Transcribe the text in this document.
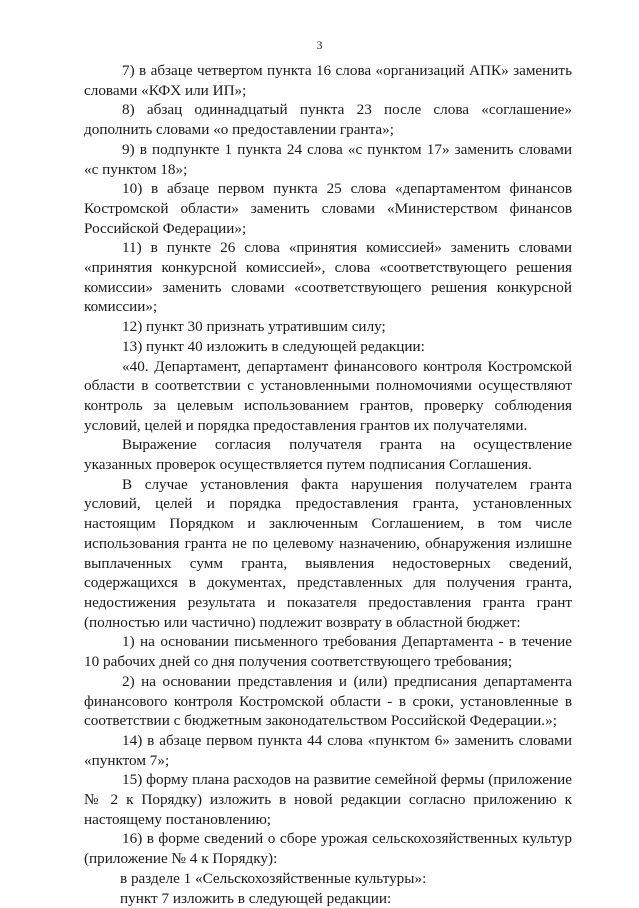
3

7) в абзаце четвертом пункта 16 слова «организаций АПК» заменить словами «КФХ или ИП»;

8) абзац одиннадцатый пункта 23 после слова «соглашение» дополнить словами «о предоставлении гранта»;

9) в подпункте 1 пункта 24 слова «с пунктом 17» заменить словами «с пунктом 18»;

10) в абзаце первом пункта 25 слова «департаментом финансов Костромской области» заменить словами «Министерством финансов Российской Федерации»;

11) в пункте 26 слова «принятия комиссией» заменить словами «принятия конкурсной комиссией», слова «соответствующего решения комиссии» заменить словами «соответствующего решения конкурсной комиссии»;

12) пункт 30 признать утратившим силу;

13) пункт 40 изложить в следующей редакции:

«40. Департамент, департамент финансового контроля Костромской области в соответствии с установленными полномочиями осуществляют контроль за целевым использованием грантов, проверку соблюдения условий, целей и порядка предоставления грантов их получателями.

Выражение согласия получателя гранта на осуществление указанных проверок осуществляется путем подписания Соглашения.

В случае установления факта нарушения получателем гранта условий, целей и порядка предоставления гранта, установленных настоящим Порядком и заключенным Соглашением, в том числе использования гранта не по целевому назначению, обнаружения излишне выплаченных сумм гранта, выявления недостоверных сведений, содержащихся в документах, представленных для получения гранта, недостижения результата и показателя предоставления гранта грант (полностью или частично) подлежит возврату в областной бюджет:

1) на основании письменного требования Департамента - в течение 10 рабочих дней со дня получения соответствующего требования;

2) на основании представления и (или) предписания департамента финансового контроля Костромской области - в сроки, установленные в соответствии с бюджетным законодательством Российской Федерации.»;

14) в абзаце первом пункта 44 слова «пунктом 6» заменить словами «пунктом 7»;

15) форму плана расходов на развитие семейной фермы (приложение № 2 к Порядку) изложить в новой редакции согласно приложению к настоящему постановлению;

16) в форме сведений о сборе урожая сельскохозяйственных культур (приложение № 4 к Порядку):

в разделе 1 «Сельскохозяйственные культуры»:

пункт 7 изложить в следующей редакции:
